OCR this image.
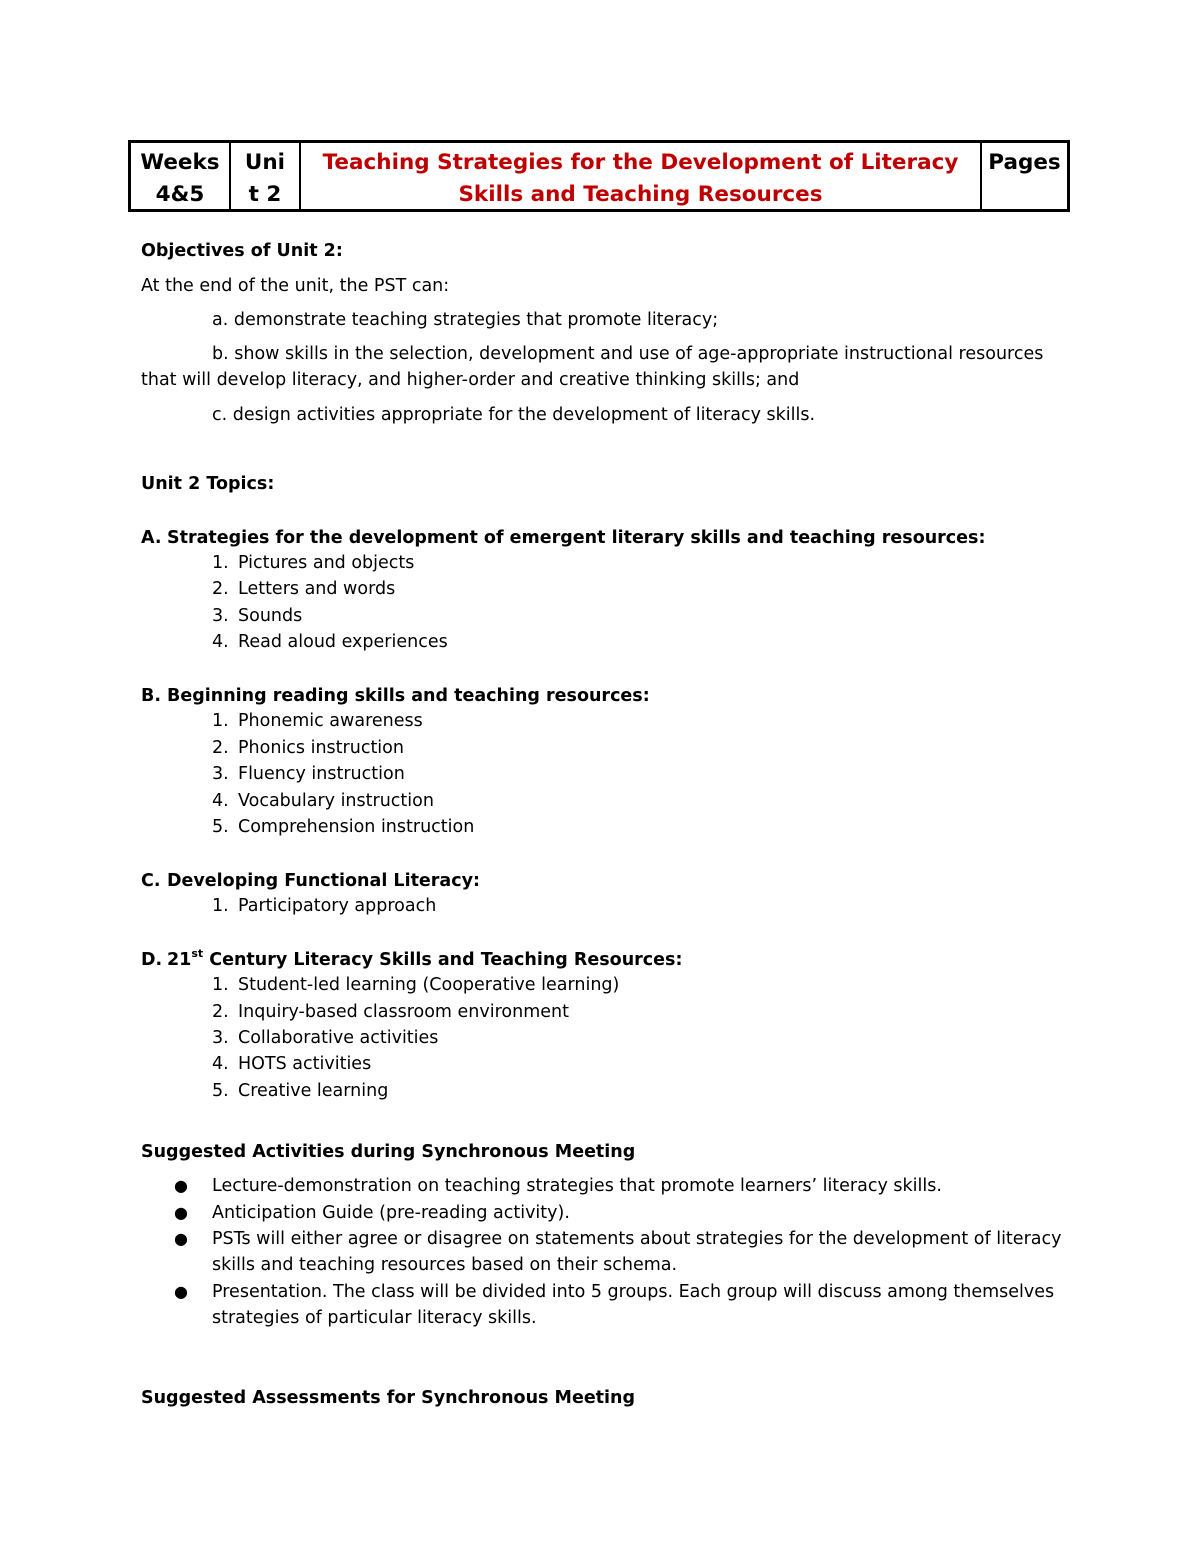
Weeks
4&5
Uni
t 2
Teaching Strategies for the Development of Literacy
Skills and Teaching Resources
Pages
Objectives of Unit 2:
At the end of the unit, the PST can:
a. demonstrate teaching strategies that promote literacy;
b. show skills in the selection, development and use of age-appropriate instructional resources
that will develop literacy, and higher-order and creative thinking skills; and
c. design activities appropriate for the development of literacy skills.
Unit 2 Topics:
A. Strategies for the development of emergent literary skills and teaching resources:
1. Pictures and objects
2. Letters and words
3. Sounds
4. Read aloud experiences
B. Beginning reading skills and teaching resources:
1. Phonemic awareness
2. Phonics instruction
3. Fluency instruction
4. Vocabulary instruction
5. Comprehension instruction
C. Developing Functional Literacy:
1. Participatory approach
D. 21st Century Literacy Skills and Teaching Resources:
1. Student-led learning (Cooperative learning)
2. Inquiry-based classroom environment
3. Collaborative activities
4. HOTS activities
5. Creative learning
Suggested Activities during Synchronous Meeting
● Lecture-demonstration on teaching strategies that promote learners’ literacy skills.
● Anticipation Guide (pre-reading activity).
● PSTs will either agree or disagree on statements about strategies for the development of literacy
skills and teaching resources based on their schema.
● Presentation. The class will be divided into 5 groups. Each group will discuss among themselves
strategies of particular literacy skills.
Suggested Assessments for Synchronous Meeting
